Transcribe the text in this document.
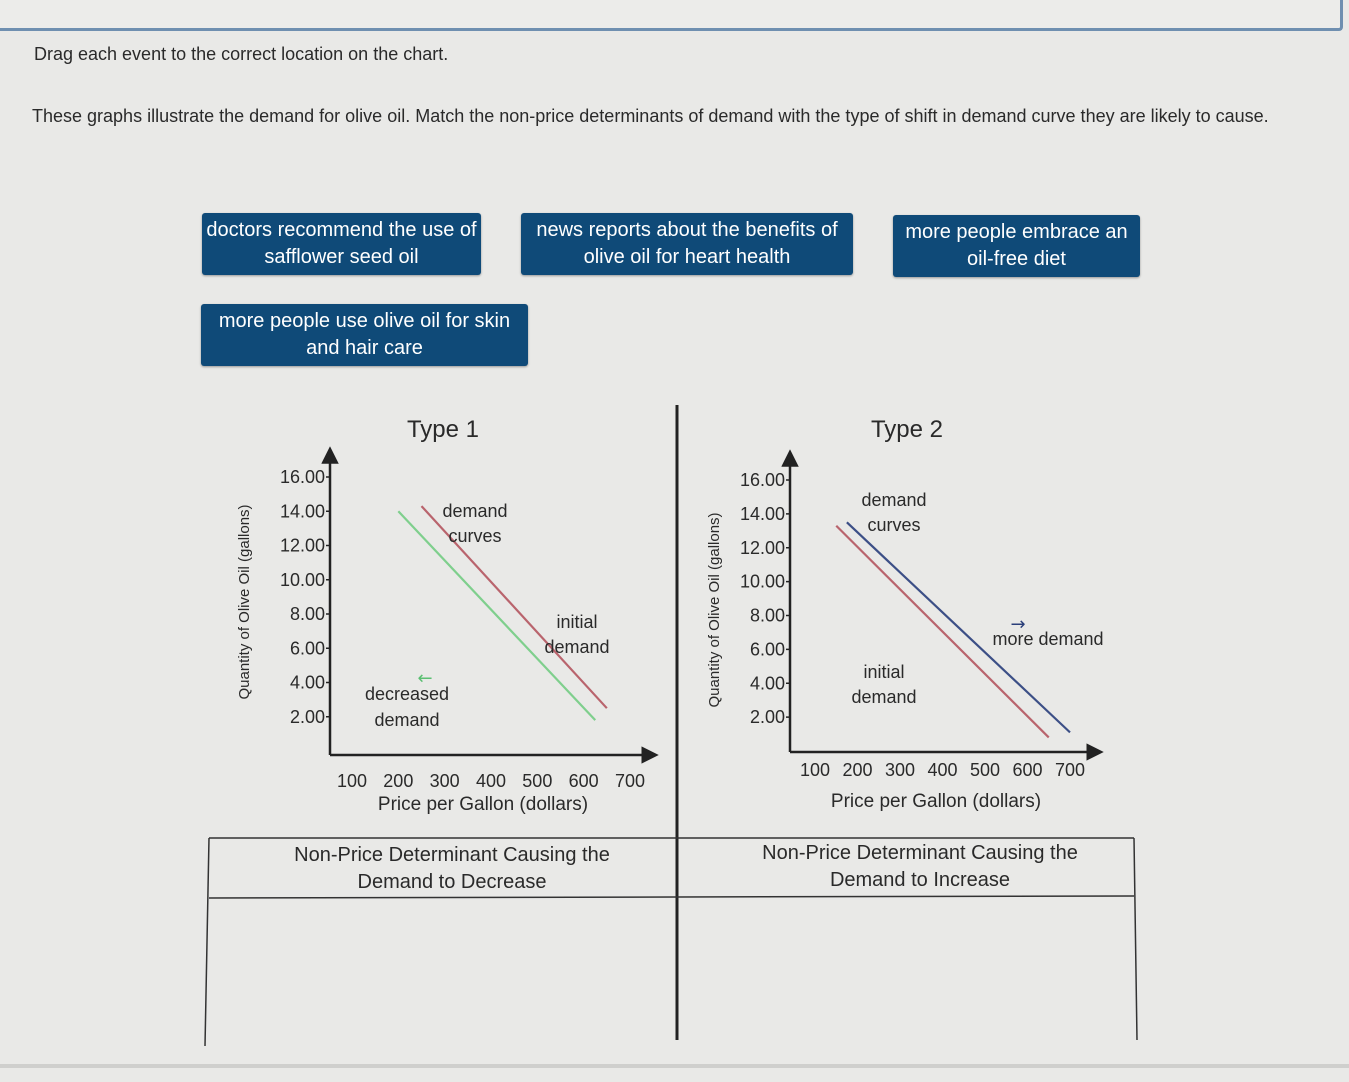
Drag each event to the correct location on the chart.
These graphs illustrate the demand for olive oil. Match the non-price determinants of demand with the type of shift in demand curve they are likely to cause.
doctors recommend the use of safflower seed oil
news reports about the benefits of olive oil for heart health
more people embrace an oil-free diet
more people use olive oil for skin and hair care
2.00
4.00
6.00
8.00
10.00
12.00
14.00
16.00
100 200 300 400 500 600 700
Type 1
Quantity of Olive Oil (gallons)
Price per Gallon (dollars)
demand
curves
initial
demand
←
decreased
demand	2.00
4.00
6.00
8.00
10.00
12.00
14.00
16.00
100 200 300 400 500 600 700
Type 2
Quantity of Olive Oil (gallons)
Price per Gallon (dollars)
demand
curves
→
more demand
initial
demand
Non-Price Determinant Causing the Demand to Decrease
Non-Price Determinant Causing the Demand to Increase
